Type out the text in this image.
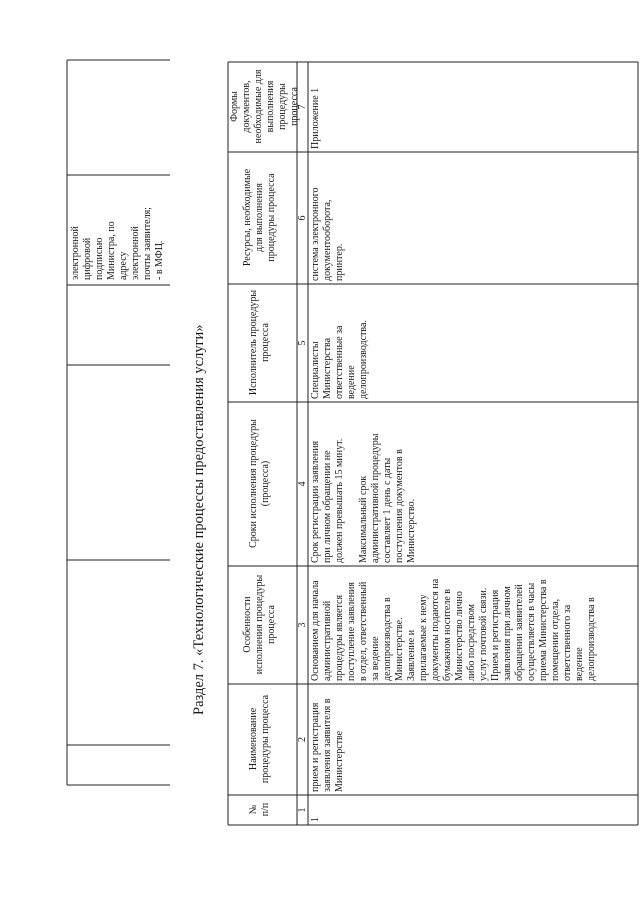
электронной
цифровой
подписью
Министра, по
адресу
электронной
почты заявителя;
- в МФЦ.
Раздел 7. «Технологические процессы предоставления услуги»
№
п/п
Наименование
процедуры процесса
Особенности
исполнения процедуры
процесса
Сроки исполнения процедуры
(процесса)
Исполнитель процедуры
процесса
Ресурсы, необходимые
для выполнения
процедуры процесса
Формы
документов,
необходимые для
выполнения
процедуры
процесса
1
2
3
4
5
6
7
1
прием и регистрация
заявления заявителя в
Министерстве
Основанием для начала
административной
процедуры является
поступление заявления
в отдел, ответственный
за ведение
делопроизводства в
Министерстве.
Заявление и
прилагаемые к нему
документы подаются на
бумажном носителе в
Министерство лично
либо посредством
услуг почтовой связи.
Прием и регистрация
заявления при личном
обращении заявителей
осуществляется в часы
приема Министерства в
помещении отдела,
ответственного за
ведение
делопроизводства в
Срок регистрации заявления
при личном обращении не
должен превышать 15 минут.

Максимальный срок
административной процедуры
составляет 1 день с даты
поступления документов в
Министерство.
Специалисты
Министерства
ответственные за
ведение
делопроизводства.
система электронного
документооборота,
принтер.
Приложение 1
